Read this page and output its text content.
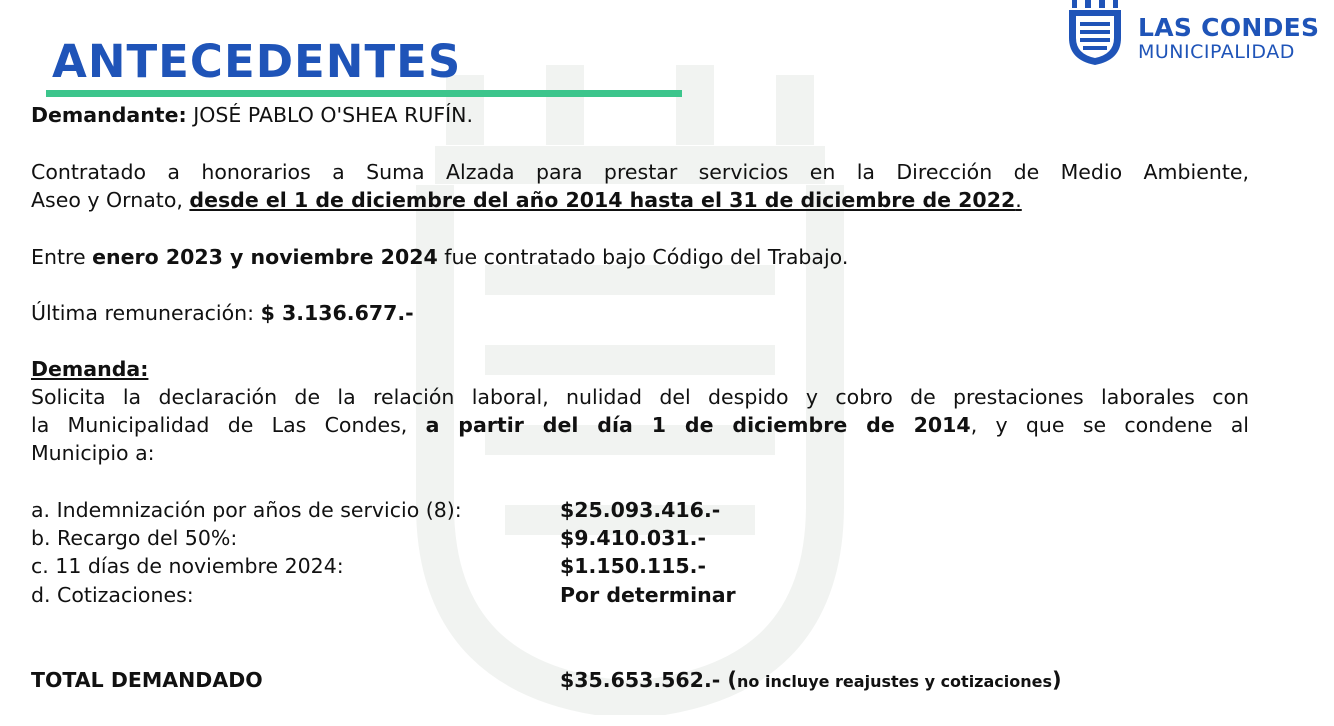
ANTECEDENTES
LAS CONDES
MUNICIPALIDAD

Demandante: JOSÉ PABLO O'SHEA RUFÍN.

Contratado a honorarios a Suma Alzada para prestar servicios en la Dirección de Medio Ambiente,

Aseo y Ornato, desde el 1 de diciembre del año 2014 hasta el 31 de diciembre de 2022.

Entre enero 2023 y noviembre 2024 fue contratado bajo Código del Trabajo.

Última remuneración: $ 3.136.677.-

Demanda:

Solicita la declaración de la relación laboral, nulidad del despido y cobro de prestaciones laborales con

la Municipalidad de Las Condes, a partir del día 1 de diciembre de 2014, y que se condene al

Municipio a:

a. Indemnización por años de servicio (8):	$25.093.416.-
b. Recargo del 50%:	$9.410.031.-
c. 11 días de noviembre 2024:	$1.150.115.-
d. Cotizaciones:	Por determinar
TOTAL DEMANDADO	$35.653.562.- (no incluye reajustes y cotizaciones)
